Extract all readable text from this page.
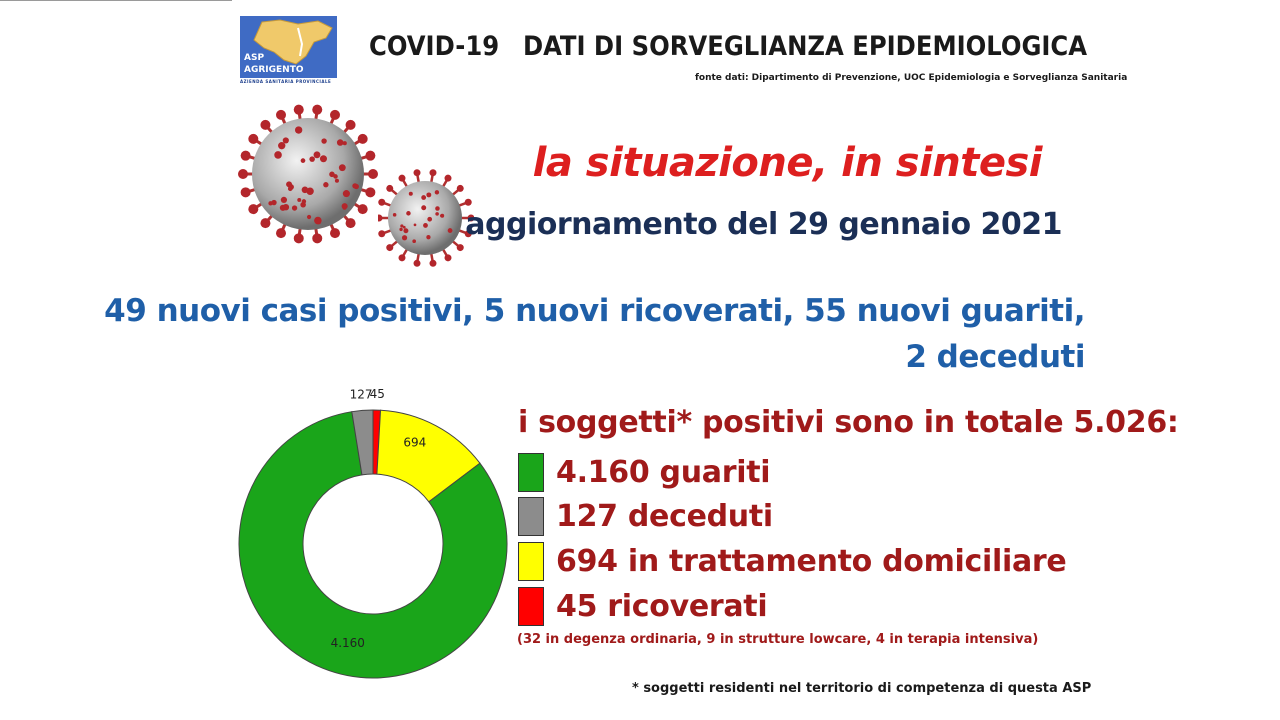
ASP
AGRIGENTO
AZIENDA SANITARIA PROVINCIALE
COVID-19 DATI DI SORVEGLIANZA EPIDEMIOLOGICA
fonte dati: Dipartimento di Prevenzione, UOC Epidemiologia e Sorveglianza Sanitaria
la situazione, in sintesi
aggiornamento del 29 gennaio 2021
49 nuovi casi positivi, 5 nuovi ricoverati, 55 nuovi guariti,
2 deceduti
45
694
4.160
127
i soggetti* positivi sono in totale 5.026:
4.160 guariti
127 deceduti
694 in trattamento domiciliare
45 ricoverati
(32 in degenza ordinaria, 9 in strutture lowcare, 4 in terapia intensiva)
* soggetti residenti nel territorio di competenza di questa ASP
